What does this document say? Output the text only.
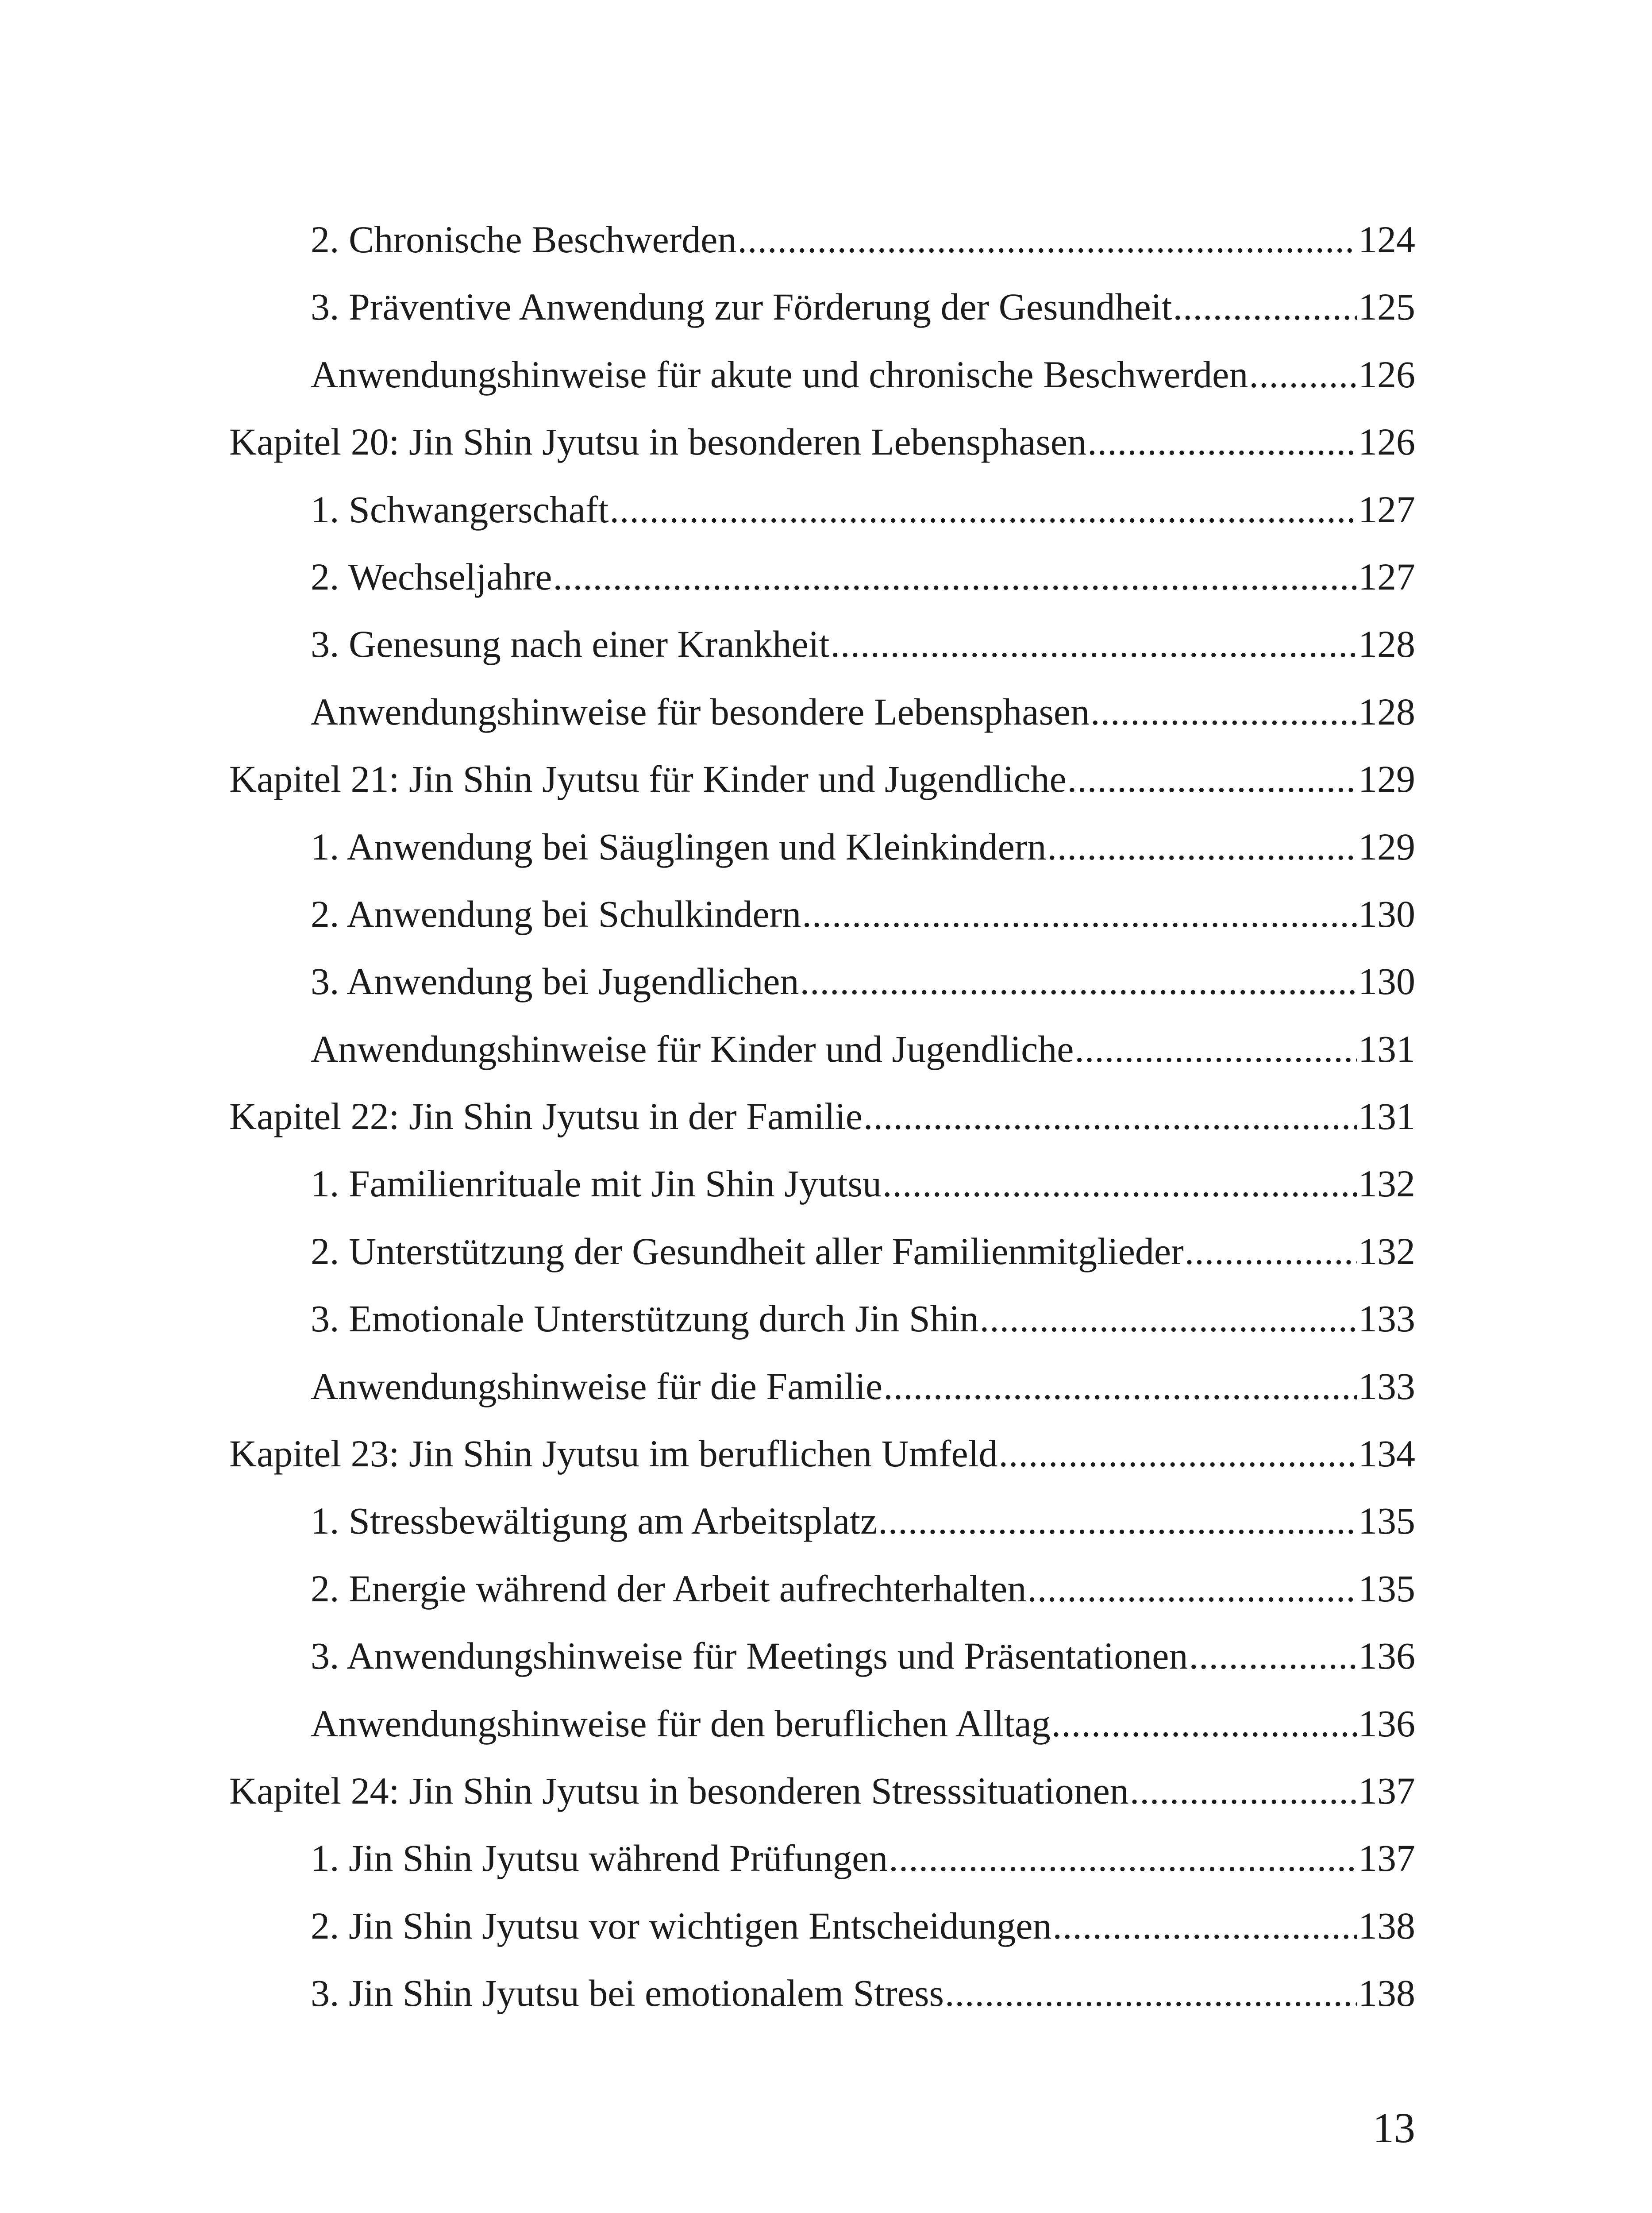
2. Chronische Beschwerden .....	124
3. Präventive Anwendung zur Förderung der Gesundheit .....	125
Anwendungshinweise für akute und chronische Beschwerden .....	126
Kapitel 20: Jin Shin Jyutsu in besonderen Lebensphasen .....	126
1. Schwangerschaft .....	127
2. Wechseljahre .....	127
3. Genesung nach einer Krankheit .....	128
Anwendungshinweise für besondere Lebensphasen .....	128
Kapitel 21: Jin Shin Jyutsu für Kinder und Jugendliche .....	129
1. Anwendung bei Säuglingen und Kleinkindern .....	129
2. Anwendung bei Schulkindern .....	130
3. Anwendung bei Jugendlichen .....	130
Anwendungshinweise für Kinder und Jugendliche .....	131
Kapitel 22: Jin Shin Jyutsu in der Familie .....	131
1. Familienrituale mit Jin Shin Jyutsu .....	132
2. Unterstützung der Gesundheit aller Familienmitglieder .....	132
3. Emotionale Unterstützung durch Jin Shin .....	133
Anwendungshinweise für die Familie .....	133
Kapitel 23: Jin Shin Jyutsu im beruflichen Umfeld .....	134
1. Stressbewältigung am Arbeitsplatz .....	135
2. Energie während der Arbeit aufrechterhalten .....	135
3. Anwendungshinweise für Meetings und Präsentationen .....	136
Anwendungshinweise für den beruflichen Alltag .....	136
Kapitel 24: Jin Shin Jyutsu in besonderen Stresssituationen .....	137
1. Jin Shin Jyutsu während Prüfungen .....	137
2. Jin Shin Jyutsu vor wichtigen Entscheidungen .....	138
3. Jin Shin Jyutsu bei emotionalem Stress .....	138
13
